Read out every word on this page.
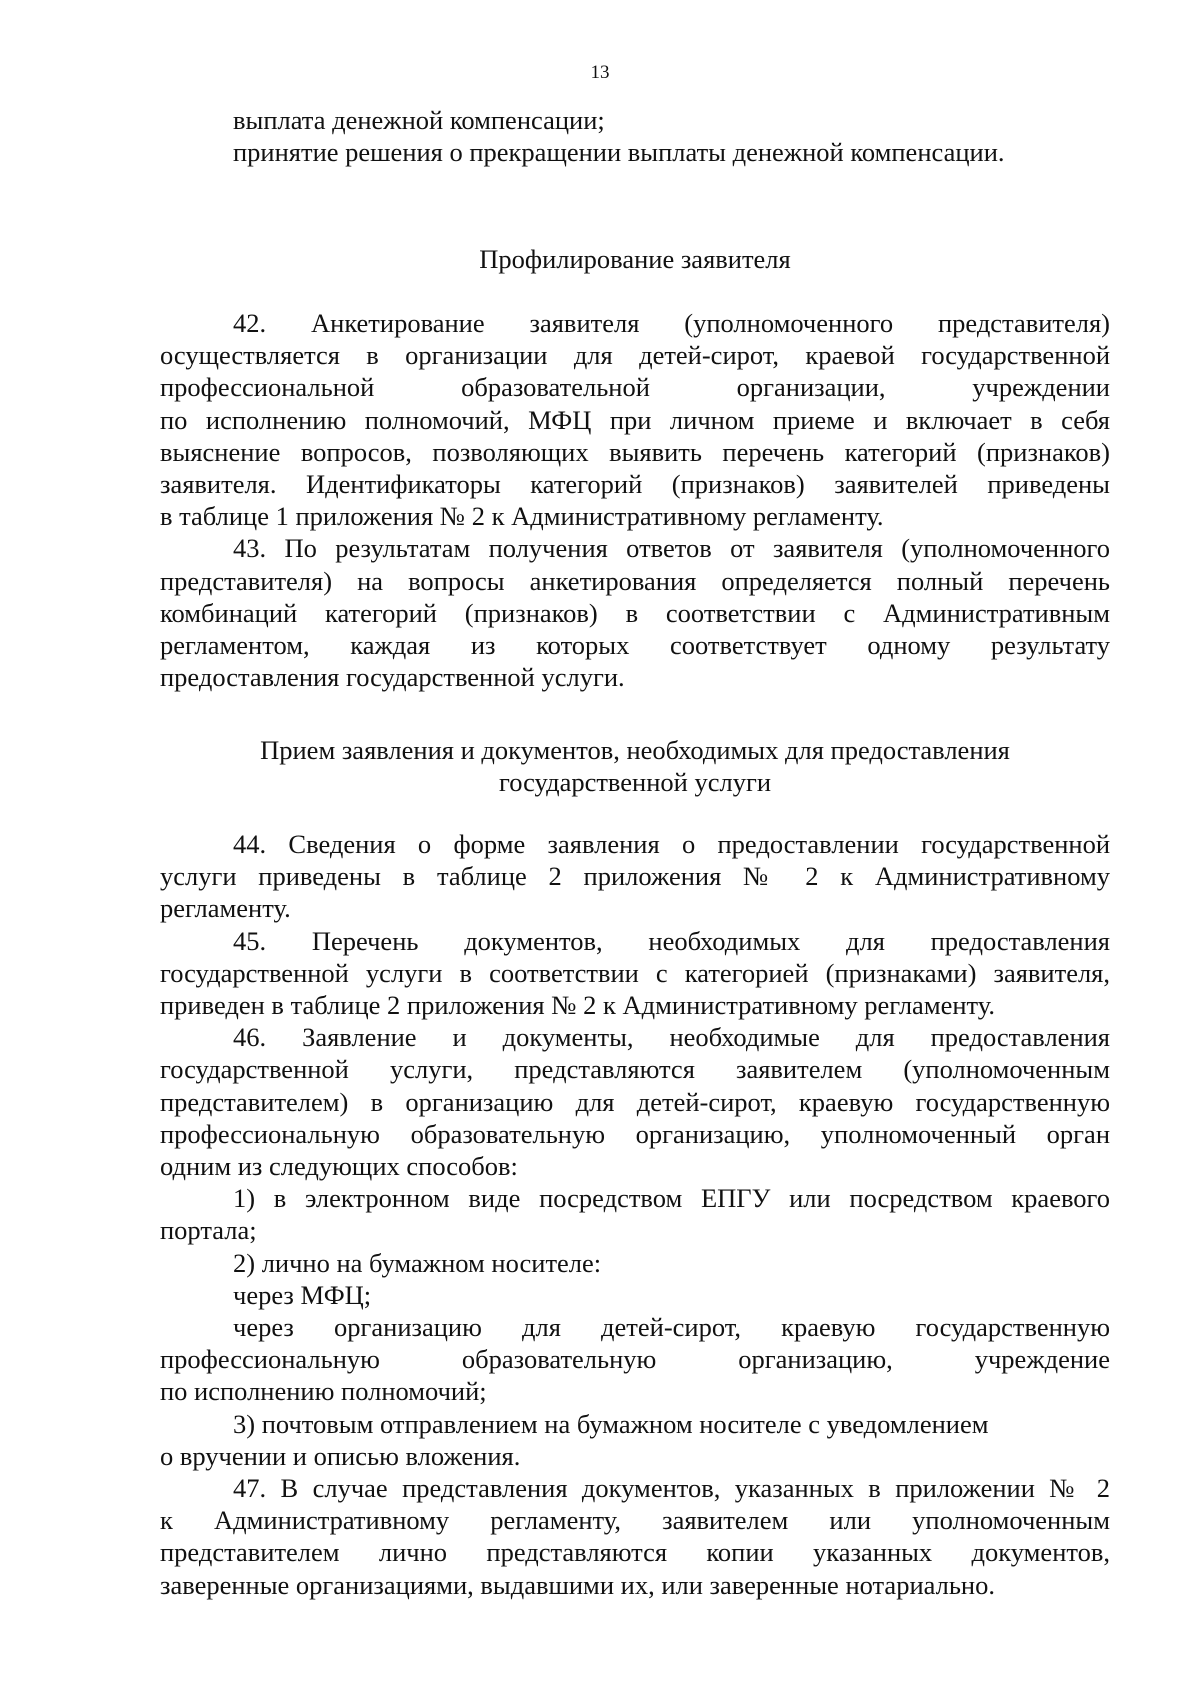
13
выплата денежной компенсации;
принятие решения о прекращении выплаты денежной компенсации.
Профилирование заявителя
42. Анкетирование заявителя (уполномоченного представителя)
осуществляется в организации для детей-сирот, краевой государственной
профессиональной образовательной организации, учреждении
по исполнению полномочий, МФЦ при личном приеме и включает в себя
выяснение вопросов, позволяющих выявить перечень категорий (признаков)
заявителя. Идентификаторы категорий (признаков) заявителей приведены
в таблице 1 приложения № 2 к Административному регламенту.
43. По результатам получения ответов от заявителя (уполномоченного
представителя) на вопросы анкетирования определяется полный перечень
комбинаций категорий (признаков) в соответствии с Административным
регламентом, каждая из которых соответствует одному результату
предоставления государственной услуги.
Прием заявления и документов, необходимых для предоставления
государственной услуги
44. Сведения о форме заявления о предоставлении государственной
услуги приведены в таблице 2 приложения № 2 к Административному
регламенту.
45. Перечень документов, необходимых для предоставления
государственной услуги в соответствии с категорией (признаками) заявителя,
приведен в таблице 2 приложения № 2 к Административному регламенту.
46. Заявление и документы, необходимые для предоставления
государственной услуги, представляются заявителем (уполномоченным
представителем) в организацию для детей-сирот, краевую государственную
профессиональную образовательную организацию, уполномоченный орган
одним из следующих способов:
1) в электронном виде посредством ЕПГУ или посредством краевого
портала;
2) лично на бумажном носителе:
через МФЦ;
через организацию для детей-сирот, краевую государственную
профессиональную образовательную организацию, учреждение
по исполнению полномочий;
3) почтовым отправлением на бумажном носителе с уведомлением
о вручении и описью вложения.
47. В случае представления документов, указанных в приложении № 2
к Административному регламенту, заявителем или уполномоченным
представителем лично представляются копии указанных документов,
заверенные организациями, выдавшими их, или заверенные нотариально.
